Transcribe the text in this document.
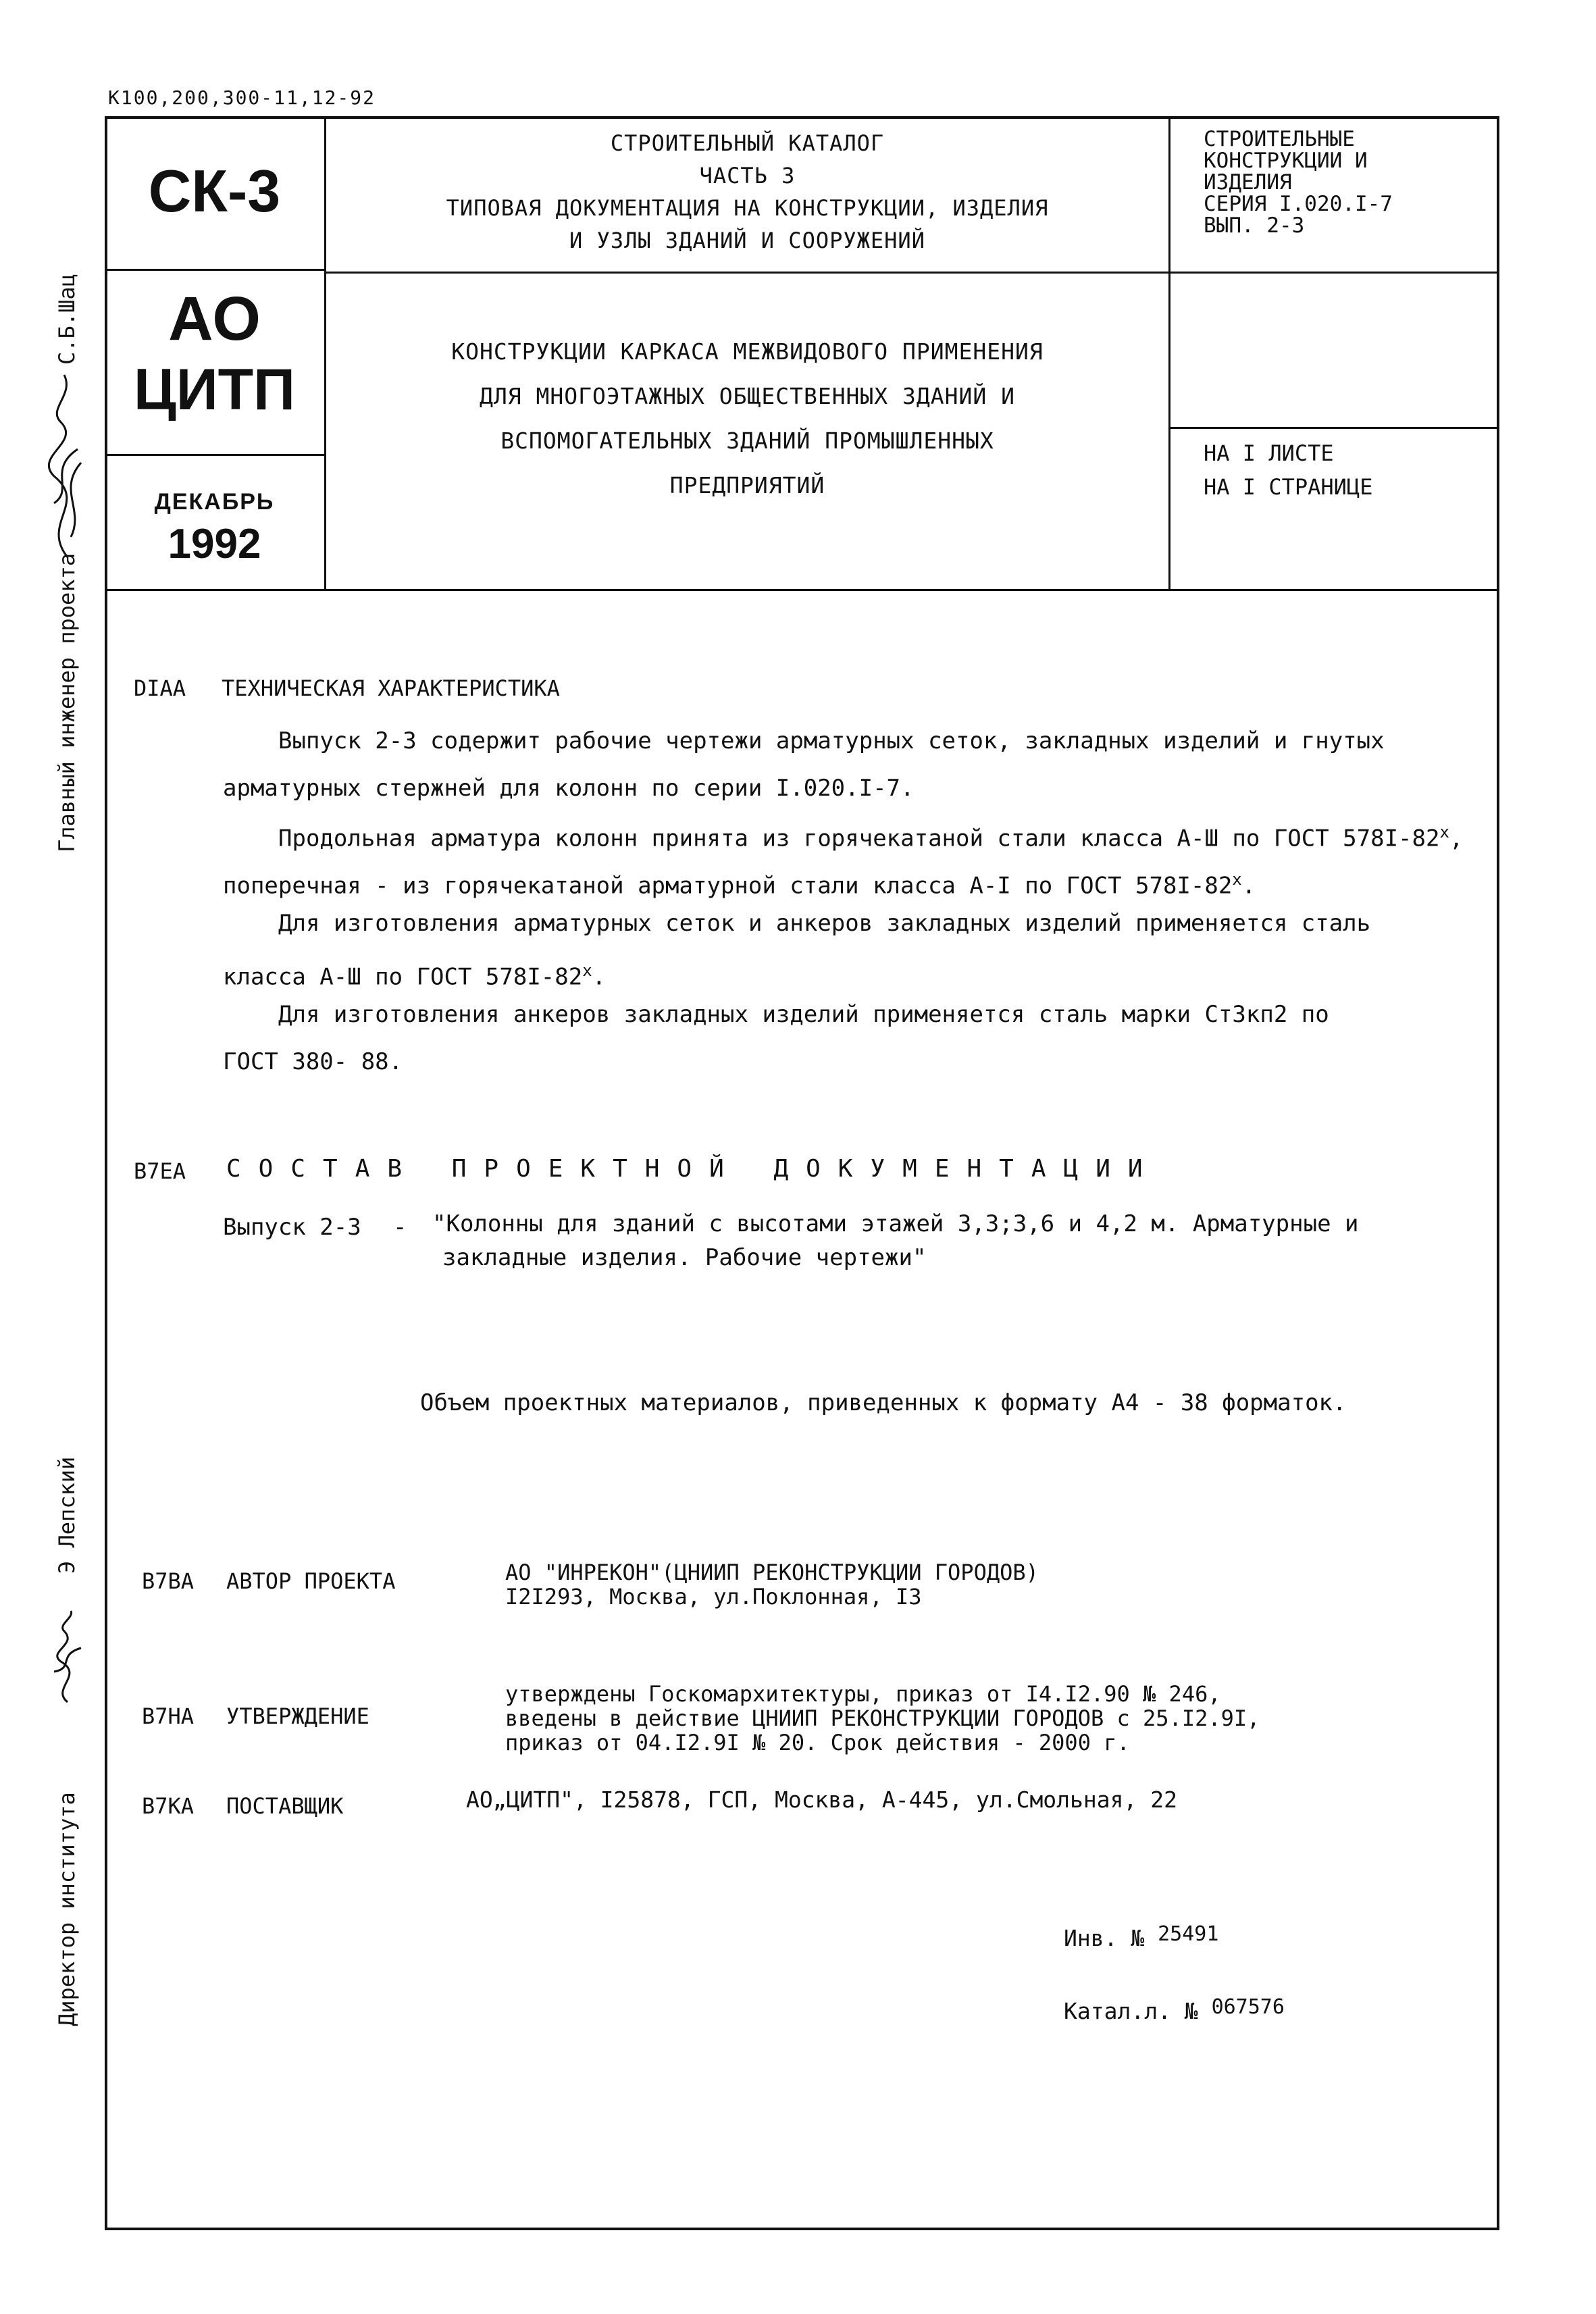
К100,200,300-11,12-92
СК-3
АО
ЦИТП
ДЕКАБРЬ
1992
СТРОИТЕЛЬНЫЙ КАТАЛОГ
ЧАСТЬ 3
ТИПОВАЯ ДОКУМЕНТАЦИЯ НА КОНСТРУКЦИИ, ИЗДЕЛИЯ
И УЗЛЫ ЗДАНИЙ И СООРУЖЕНИЙ
СТРОИТЕЛЬНЫЕ
КОНСТРУКЦИИ И
ИЗДЕЛИЯ
СЕРИЯ I.020.I-7
ВЫП. 2-3
КОНСТРУКЦИИ КАРКАСА МЕЖВИДОВОГО ПРИМЕНЕНИЯ
ДЛЯ МНОГОЭТАЖНЫХ ОБЩЕСТВЕННЫХ ЗДАНИЙ И
ВСПОМОГАТЕЛЬНЫХ ЗДАНИЙ ПРОМЫШЛЕННЫХ
ПРЕДПРИЯТИЙ
НА I ЛИСТЕ
НА I СТРАНИЦЕ
Главный инженер проекта
С.Б.Шац
Директор института
Э Лепский
DIAA ТЕХНИЧЕСКАЯ ХАРАКТЕРИСТИКА
Выпуск 2-3 содержит рабочие чертежи арматурных сеток, закладных изделий и гнутых
арматурных стержней для колонн по серии I.020.I-7.
Продольная арматура колонн принята из горячекатаной стали класса А-Ш по ГОСТ 578I-82$^x$,
поперечная - из горячекатаной арматурной стали класса А-I по ГОСТ 578I-82$^x$.
Для изготовления арматурных сеток и анкеров закладных изделий применяется сталь
класса А-Ш по ГОСТ 578I-82$^x$.
Для изготовления анкеров закладных изделий применяется сталь марки Ст3кп2 по
ГОСТ 380- 88.
B7EA СОСТАВ ПРОЕКТНОЙ ДОКУМЕНТАЦИИ
Выпуск 2-3 - "Колонны для зданий с высотами этажей 3,3;3,6 и 4,2 м. Арматурные и
закладные изделия. Рабочие чертежи"
Объем проектных материалов, приведенных к формату А4 - 38 форматок.
B7BA АВТОР ПРОЕКТА	АО "ИНРЕКОН"(ЦНИИП РЕКОНСТРУКЦИИ ГОРОДОВ)
I2I293, Москва, ул.Поклонная, I3
B7HA УТВЕРЖДЕНИЕ
утверждены Госкомархитектуры, приказ от I4.I2.90 № 246,
введены в действие ЦНИИП РЕКОНСТРУКЦИИ ГОРОДОВ с 25.I2.9I,
приказ от 04.I2.9I № 20. Срок действия - 2000 г.
B7KA ПОСТАВЩИК	АО„ЦИТП", I25878, ГСП, Москва, А-445, ул.Смольная, 22
Инв. № 25491
Катал.л. № 067576
